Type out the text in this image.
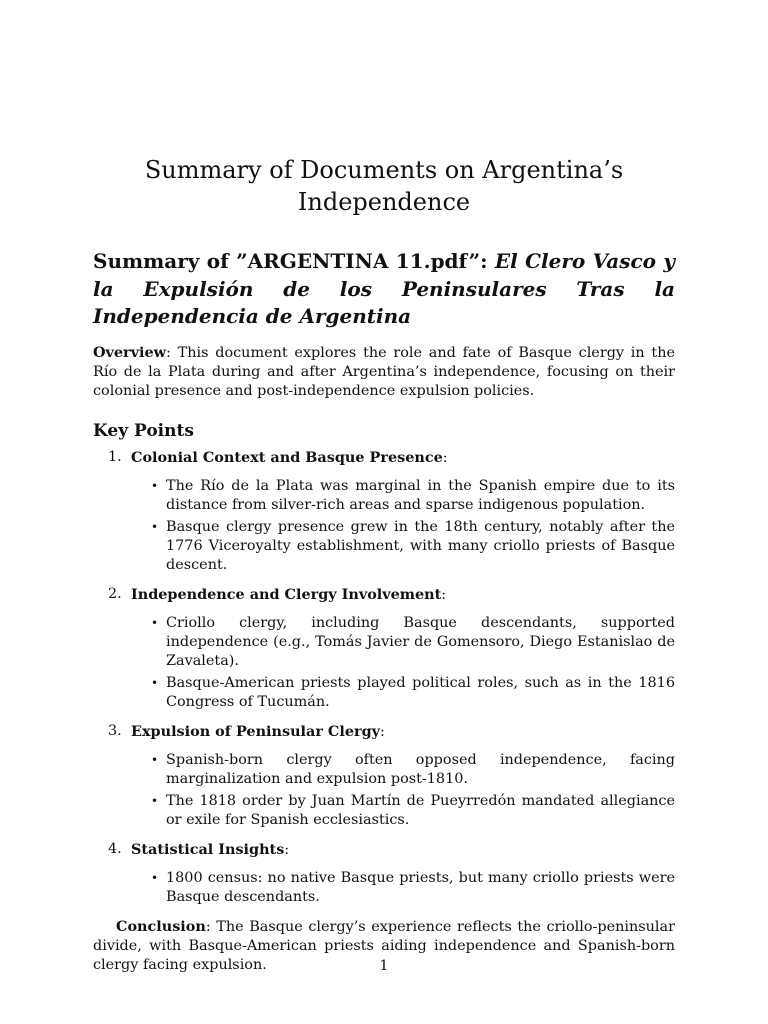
Summary of Documents on Argentina’s Independence
Summary of ”ARGENTINA 11.pdf”: El Clero Vasco y la Expulsión de los Peninsulares Tras la Independencia de Argentina

Overview: This document explores the role and fate of Basque clergy in the Río de la Plata during and after Argentina’s independence, focusing on their colonial presence and post-independence expulsion policies.

Key Points
1. Colonial Context and Basque Presence:
• The Río de la Plata was marginal in the Spanish empire due to its distance from silver-rich areas and sparse indigenous population.
• Basque clergy presence grew in the 18th century, notably after the 1776 Viceroyalty establishment, with many criollo priests of Basque descent.
2. Independence and Clergy Involvement:
• Criollo clergy, including Basque descendants, supported independence (e.g., Tomás Javier de Gomensoro, Diego Estanislao de Zavaleta).
• Basque-American priests played political roles, such as in the 1816 Congress of Tucumán.
3. Expulsion of Peninsular Clergy:
• Spanish-born clergy often opposed independence, facing marginalization and expulsion post-1810.
• The 1818 order by Juan Martín de Pueyrredón mandated allegiance or exile for Spanish ecclesiastics.
4. Statistical Insights:
• 1800 census: no native Basque priests, but many criollo priests were Basque descendants.

Conclusion: The Basque clergy’s experience reflects the criollo-peninsular divide, with Basque-American priests aiding independence and Spanish-born clergy facing expulsion.	1
